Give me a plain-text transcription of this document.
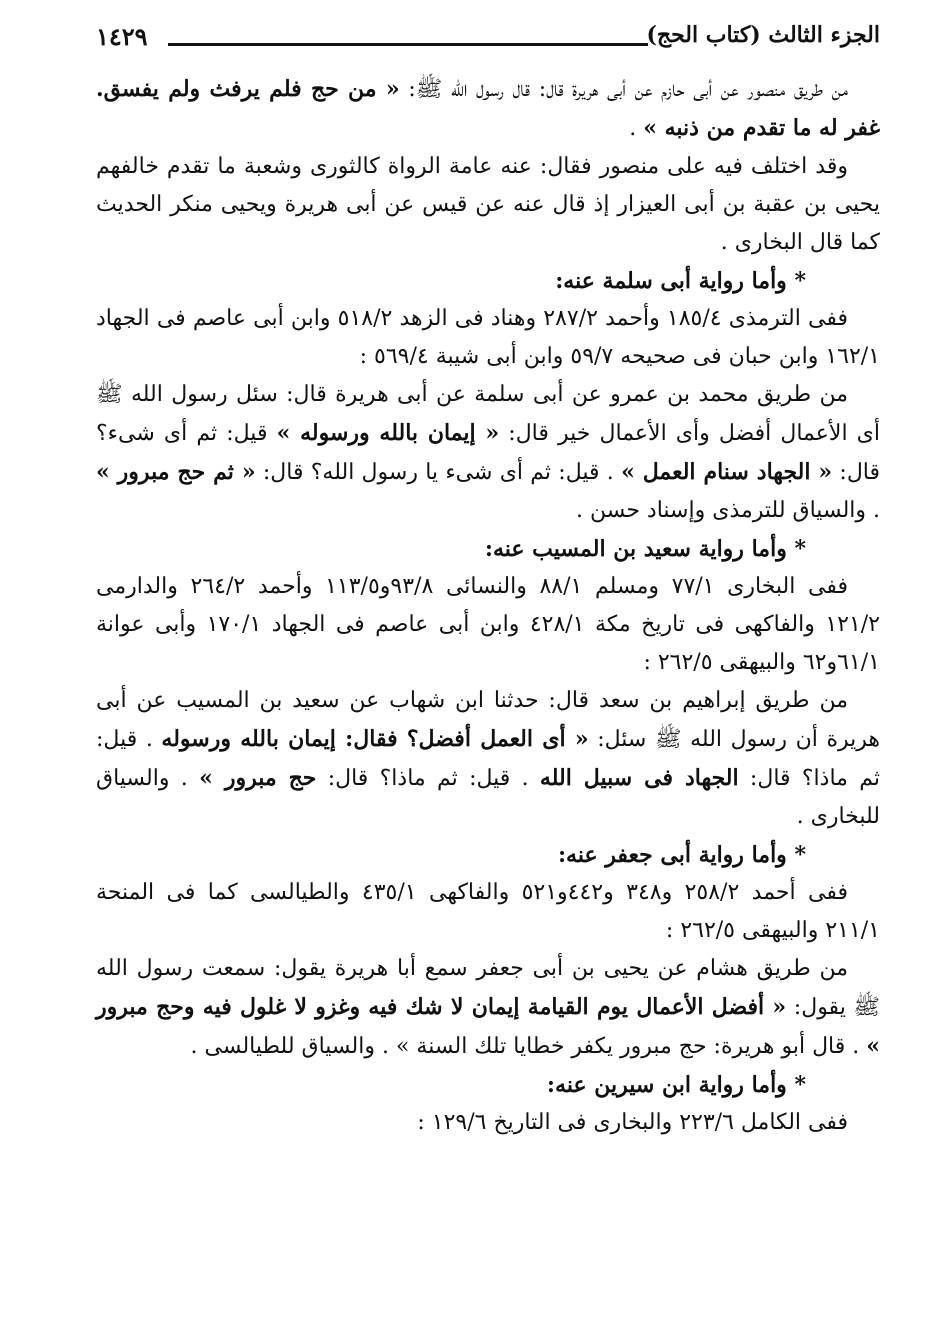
الجزء الثالث (كتاب الحج)
١٤٢٩

من طريق منصور عن أبى حازم عن أبى هريرة قال: قال رسول الله ﷺ: « من حج فلم يرفث ولم يفسق. غفر له ما تقدم من ذنبه » .

وقد اختلف فيه على منصور فقال: عنه عامة الرواة كالثورى وشعبة ما تقدم خالفهم يحيى بن عقبة بن أبى العيزار إذ قال عنه عن قيس عن أبى هريرة ويحيى منكر الحديث كما قال البخارى .

* وأما رواية أبى سلمة عنه:

ففى الترمذى ١٨٥/٤ وأحمد ٢٨٧/٢ وهناد فى الزهد ٥١٨/٢ وابن أبى عاصم فى الجهاد ١٦٢/١ وابن حبان فى صحيحه ٥٩/٧ وابن أبى شيبة ٥٦٩/٤ :

من طريق محمد بن عمرو عن أبى سلمة عن أبى هريرة قال: سئل رسول الله ﷺ أى الأعمال أفضل وأى الأعمال خير قال: « إيمان بالله ورسوله » قيل: ثم أى شىء؟ قال: « الجهاد سنام العمل » . قيل: ثم أى شىء يا رسول الله؟ قال: « ثم حج مبرور » . والسياق للترمذى وإسناد حسن .

* وأما رواية سعيد بن المسيب عنه:

ففى البخارى ٧٧/١ ومسلم ٨٨/١ والنسائى ٩٣/٨و١١٣/٥ وأحمد ٢٦٤/٢ والدارمى ١٢١/٢ والفاكهى فى تاريخ مكة ٤٢٨/١ وابن أبى عاصم فى الجهاد ١٧٠/١ وأبى عوانة ٦١/١و٦٢ والبيهقى ٢٦٢/٥ :

من طريق إبراهيم بن سعد قال: حدثنا ابن شهاب عن سعيد بن المسيب عن أبى هريرة أن رسول الله ﷺ سئل: « أى العمل أفضل؟ فقال: إيمان بالله ورسوله . قيل: ثم ماذا؟ قال: الجهاد فى سبيل الله . قيل: ثم ماذا؟ قال: حج مبرور » . والسياق للبخارى .

* وأما رواية أبى جعفر عنه:

ففى أحمد ٢٥٨/٢ و٣٤٨ و٤٤٢و٥٢١ والفاكهى ٤٣٥/١ والطيالسى كما فى المنحة ٢١١/١ والبيهقى ٢٦٢/٥ :

من طريق هشام عن يحيى بن أبى جعفر سمع أبا هريرة يقول: سمعت رسول الله ﷺ يقول: « أفضل الأعمال يوم القيامة إيمان لا شك فيه وغزو لا غلول فيه وحج مبرور » . قال أبو هريرة: حج مبرور يكفر خطايا تلك السنة » . والسياق للطيالسى .

* وأما رواية ابن سيرين عنه:

ففى الكامل ٢٢٣/٦ والبخارى فى التاريخ ١٢٩/٦ :
